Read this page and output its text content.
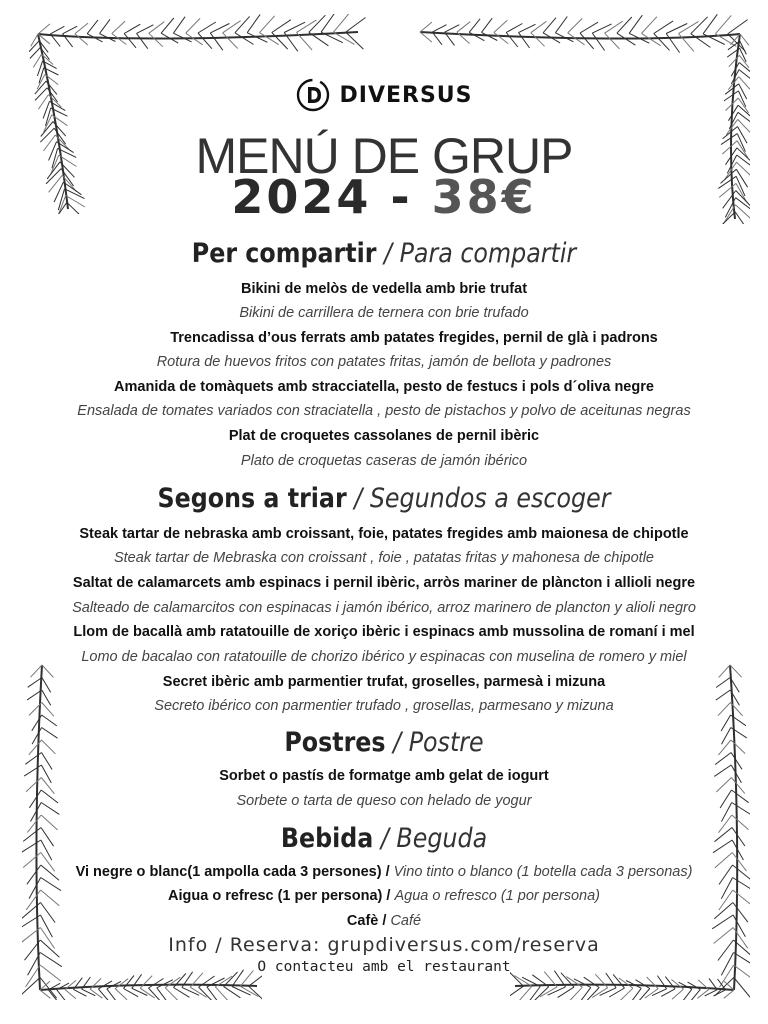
DIVERSUS
MENÚ DE GRUP
2024 - 38€
Per compartir / Para compartir
Bikini de melòs de vedella amb brie trufat
Bikini de carrillera de ternera con brie trufado
Trencadissa d’ous ferrats amb patates fregides, pernil de glà i padrons
Rotura de huevos fritos con patates fritas, jamón de bellota y padrones
Amanida de tomàquets amb stracciatella, pesto de festucs i pols d´oliva negre
Ensalada de tomates variados con straciatella , pesto de pistachos y polvo de aceitunas negras
Plat de croquetes cassolanes de pernil ibèric
Plato de croquetas caseras de jamón ibérico
Segons a triar / Segundos a escoger
Steak tartar de nebraska amb croissant, foie, patates fregides amb maionesa de chipotle
Steak tartar de Mebraska con croissant , foie , patatas fritas y mahonesa de chipotle
Saltat de calamarcets amb espinacs i pernil ibèric, arròs mariner de plàncton i allioli negre
Salteado de calamarcitos con espinacas i jamón ibérico, arroz marinero de plancton y alioli negro
Llom de bacallà amb ratatouille de xoriço ibèric i espinacs amb mussolina de romaní i mel
Lomo de bacalao con ratatouille de chorizo ibérico y espinacas con muselina de romero y miel
Secret ibèric amb parmentier trufat, groselles, parmesà i mizuna
Secreto ibérico con parmentier trufado , grosellas, parmesano y mizuna
Postres / Postre
Sorbet o pastís de formatge amb gelat de iogurt
Sorbete o tarta de queso con helado de yogur
Bebida / Beguda
Vi negre o blanc(1 ampolla cada 3 persones) / Vino tinto o blanco (1 botella cada 3 personas)
Aigua o refresc (1 per persona) / Agua o refresco (1 por persona)
Cafè / Café
Info / Reserva: grupdiversus.com/reserva
O contacteu amb el restaurant
